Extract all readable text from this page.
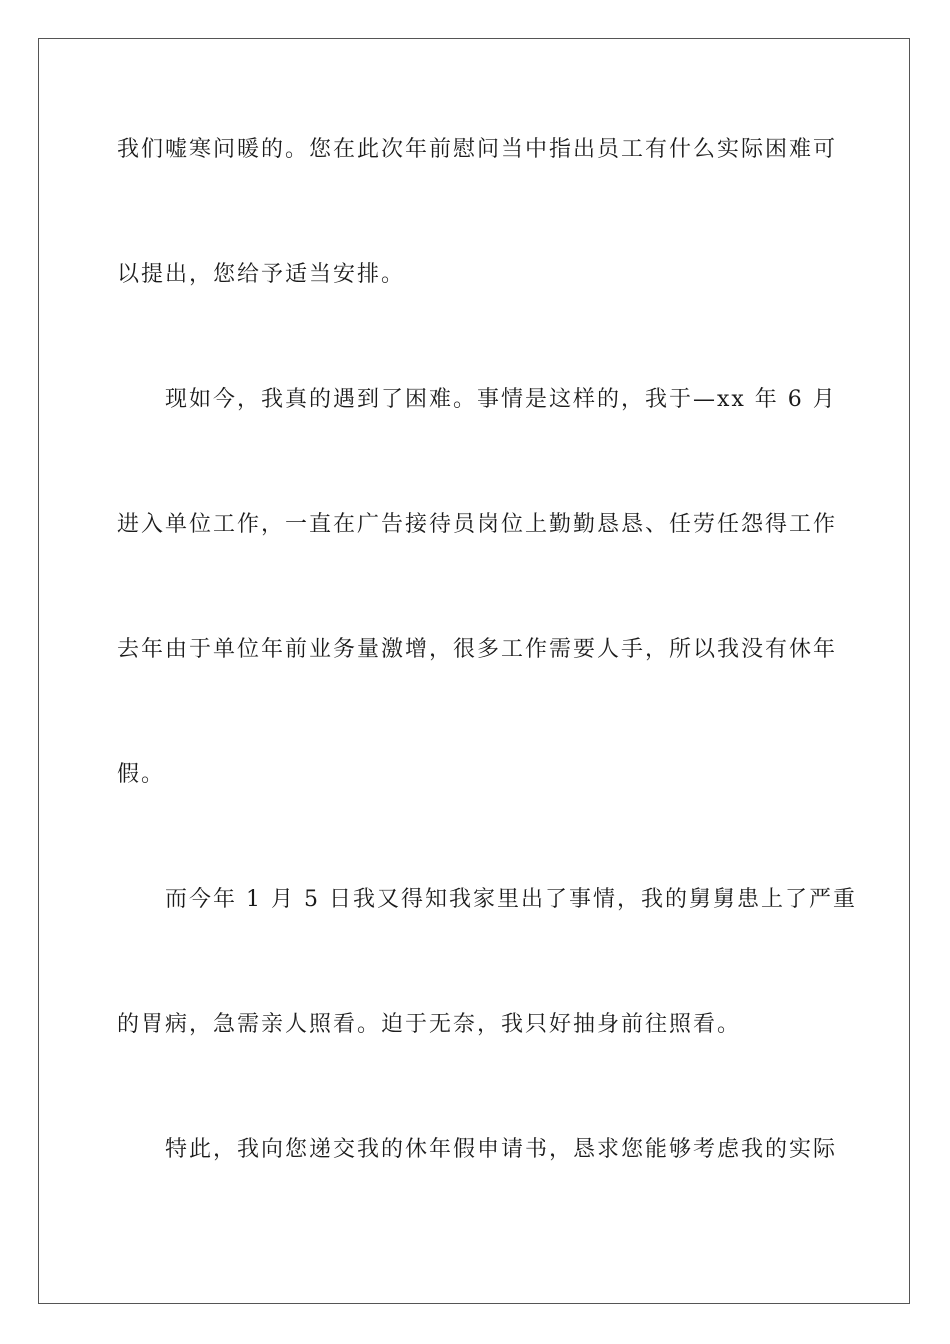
我们嘘寒问暖的。您在此次年前慰问当中指出员工有什么实际困难可
以提出，您给予适当安排。
现如今，我真的遇到了困难。事情是这样的，我于—xx 年 6 月
进入单位工作，一直在广告接待员岗位上勤勤恳恳、任劳任怨得工作
去年由于单位年前业务量激增，很多工作需要人手，所以我没有休年
假。
而今年 1 月 5 日我又得知我家里出了事情，我的舅舅患上了严重
的胃病，急需亲人照看。迫于无奈，我只好抽身前往照看。
特此，我向您递交我的休年假申请书，恳求您能够考虑我的实际
